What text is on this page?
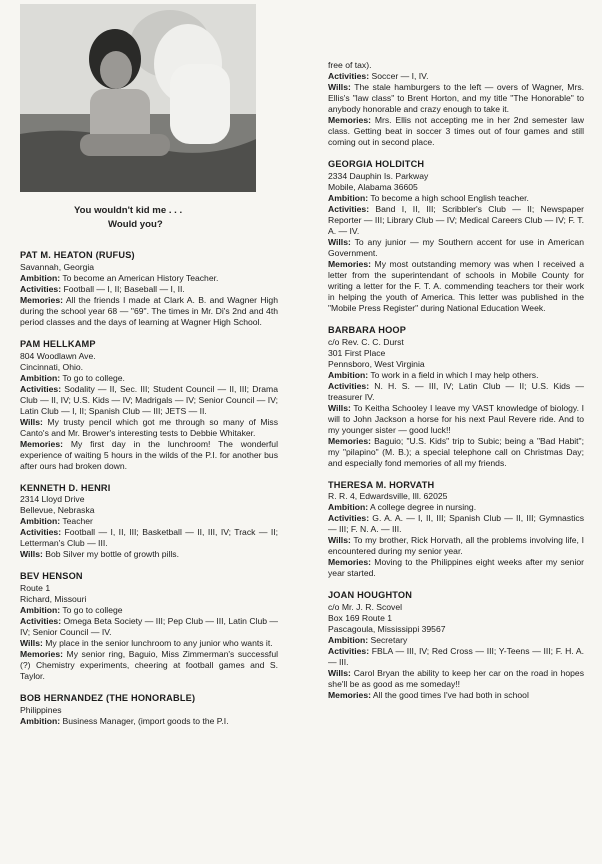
You wouldn't kid me . . .
Would you?
PAT M. HEATON (RUFUS)
Savannah, Georgia
Ambition: To become an American History Teacher.
Activities: Football — I, II; Baseball — I, II.
Memories: All the friends I made at Clark A. B. and Wagner High during the school year 68 — "69". The times in Mr. Di's 2nd and 4th period classes and the days of learning at Wagner High School.
PAM HELLKAMP
804 Woodlawn Ave.
Cincinnati, Ohio.
Ambition: To go to college.
Activities: Sodality — II, Sec. III; Student Council — II, III; Drama Club — II, IV; U.S. Kids — IV; Madrigals — IV; Senior Council — IV; Latin Club — I, II; Spanish Club — III; JETS — II.
Wills: My trusty pencil which got me through so many of Miss Canto's and Mr. Brower's interesting tests to Debbie Whitaker.
Memories: My first day in the lunchroom! The wonderful experience of waiting 5 hours in the wilds of the P.I. for another bus after ours had broken down.
KENNETH D. HENRI
2314 Lloyd Drive
Bellevue, Nebraska
Ambition: Teacher
Activities: Football — I, II, III; Basketball — II, III, IV; Track — II; Letterman's Club — III.
Wills: Bob Silver my bottle of growth pills.
BEV HENSON
Route 1
Richard, Missouri
Ambition: To go to college
Activities: Omega Beta Society — III; Pep Club — III, Latin Club — IV; Senior Council — IV.
Wills: My place in the senior lunchroom to any junior who wants it.
Memories: My senior ring, Baguio, Miss Zimmerman's successful (?) Chemistry experiments, cheering at football games and S. Taylor.
BOB HERNANDEZ (THE HONORABLE)
Philippines
Ambition: Business Manager, (import goods to the P.I.
free of tax).
Activities: Soccer — I, IV.
Wills: The stale hamburgers to the left — overs of Wagner, Mrs. Ellis's "law class" to Brent Horton, and my title "The Honorable" to anybody honorable and crazy enough to take it.
Memories: Mrs. Ellis not accepting me in her 2nd semester law class. Getting beat in soccer 3 times out of four games and still coming out in second place.
GEORGIA HOLDITCH
2334 Dauphin Is. Parkway
Mobile, Alabama 36605
Ambition: To become a high school English teacher.
Activities: Band I, II, III; Scribbler's Club — II; Newspaper Reporter — III; Library Club — IV; Medical Careers Club — IV; F. T. A. — IV.
Wills: To any junior — my Southern accent for use in American Government.
Memories: My most outstanding memory was when I received a letter from the superintendant of schools in Mobile County for writing a letter for the F. T. A. commending teachers tor their work in helping the youth of America. This letter was published in the "Mobile Press Register" during National Education Week.
BARBARA HOOP
c/o Rev. C. C. Durst
301 First Place
Pennsboro, West Virginia
Ambition: To work in a field in which I may help others.
Activities: N. H. S. — III, IV; Latin Club — II; U.S. Kids — treasurer IV.
Wills: To Keitha Schooley I leave my VAST knowledge of biology. I will to John Jackson a horse for his next Paul Revere ride. And to my younger sister — good luck!!
Memories: Baguio; "U.S. Kids" trip to Subic; being a "Bad Habit"; my "pilapino" (M. B.); a special telephone call on Christmas Day; and especially fond memories of all my friends.
THERESA M. HORVATH
R. R. 4, Edwardsville, Ill. 62025
Ambition: A college degree in nursing.
Activities: G. A. A. — I, II, III; Spanish Club — II, III; Gymnastics — III; F. N. A. — III.
Wills: To my brother, Rick Horvath, all the problems involving life, I encountered during my senior year.
Memories: Moving to the Philippines eight weeks after my senior year started.
JOAN HOUGHTON
c/o Mr. J. R. Scovel
Box 169 Route 1
Pascagoula, Mississippi 39567
Ambition: Secretary
Activities: FBLA — III, IV; Red Cross — III; Y-Teens — III; F. H. A. — III.
Wills: Carol Bryan the ability to keep her car on the road in hopes she'll be as good as me someday!!
Memories: All the good times I've had both in school
